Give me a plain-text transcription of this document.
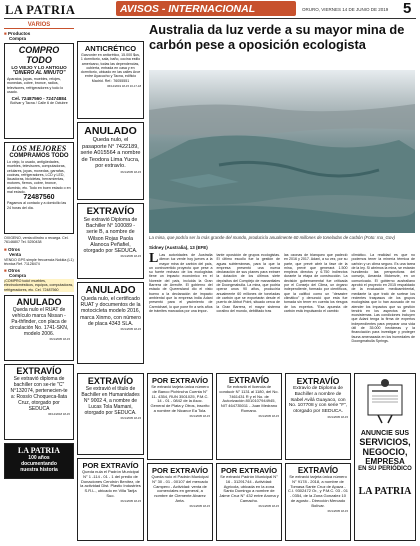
LA PATRIA	AVISOS - INTERNACIONAL	ORURO, VIERNES 14 DE JUNIO DE 2019 5
VARIOS
■ Productos
Compra
COMPRO TODO
LO VIEJO Y LO ANTIGUO
"DINERO AL MINUTO"
Aparatos, joyas, muebles, relojes, monedas, cobre, bronce, radios, televisores, refrigeradores y todo lo usado.
Cel. 72487560 - 72474884
Bolívar y Tacna / Calle 6 de Octubre
LOS MEJORES
COMPRAMOS TODO
Lo viejo, lo usado, antigüedades, muebles, televisores, computadoras, celulares, joyas, monedas, garrafas, cocinas, refrigeradores, LCD y LED, licuadoras, bicicletas, herramientas, motores, fierros, cobre, bronce, aluminio, etc. Todo en buen estado o en mal estado.
72487560
Pagamos al contado y a domicilio las 24 horas del día.
OXIGENO, venta cilindro o recarga. Cel. 76146807 Tel. 5250438
■ Otros
Venta
VENDO GPS simple frecuencia Nokkia (L1) técnica Ref. 71128474
■ Otros
Compra
¡COMPRO todo! muebles, electrodomésticos, equipos, computadoras, refrigeradores, etc. Cel. 72487560
ANULADO
Queda nulo el RUAT de vehículo marca Nissan - Pa-thfinder, con placa de circulación No. 1741-SKN, modelo 2006.
06/14/605 18-15
EXTRAVÍO
Se extravió diploma de bachiller con se-rie "C" N°132074, pertenecien-te a: Rossío Choqueca-llata Cruz, otorgado por SEDUCA
06/14/2018 18-15
LA PATRIA
100 años
documentando
nuestra historia
ANTICRÉTICO
Garzonier en anticrético, 15.000 $us, 1 dormitorio, sala, baño, cocina estilo americano, todas las dependencias, cubierta, entrada en casa y en dormitorio, ubicado en las calles Arce entre Ayacucho y Tacna, edificio Madrid. Ref.: 76055551
06/14/2019 18-15 16-17-18
ANULADO
Queda nulo, el pasaporte N° 7422189, serie A015564 a nombre de Teodora Lima Yucra, por extravío.
06/14/605 18-15
EXTRAVÍO
Se extravió Diploma de Bachiller N° 100089 - serie B, a nombre de Wilson Rojas Paola Alanoca Peñafiel, otorgado por SEDUCA.
06/14/605 18-15
ANULADO
Queda nulo, el certificado RUAT y documentos de la motocicleta modelo 2016, marca Xinmo, con número de placa 4343 SLA.
06/14/605 18-15
Australia da luz verde a su mayor mina de carbón pese a oposición ecologista
La mina, que podría ser la más grande del mundo, produciría anualmente 60 millones de toneladas de carbón (Foto: rna_Gov)
Sidney (Australia), 13 (EFE)
L Las autoridades de Australia dieron luz verde hoy jueves a la mayor mina de carbón del país, un controvertido proyecto que pese a su fuerte rechazo de los ecologistas tiene un impacto económico en el Noreste del país, incluida la Gran Barrera de Arrecife. El gobierno del estado de Queensland dio el visto bueno a la declaración de impacto ambiental que la empresa india Adani presentó para el yacimiento de Carmichael, lo que pone fin a seis años de trámites marcados por una impor-
tante oposición de grupos ecologistas. El último escollo fue la gestión de aguas subterráneas, para la que la empresa presentó una nueva declaración de sus planes para extraer la dotación de los últimos siete depósitos del Complejo de manantiales de Doongmabulla. La mina, que podría operar unos 90 años, produciría anualmente 60 millones de toneladas de carbón que se exportarán desde el puerto de Abbot Point, situado cerca de la Gran Barrera, el mayor sistema coralino del mundo, debilitado tras
las ozonas de blanqueo que padeció en 2016 y 2017. Adani, a su vez, por su parte, que prevé abrir la fase de la mina, prevé que generará 1.500 empleos directos y 6.750 indirectos durante la etapa de construcción. La decisión gubernamental fue criticada por el Consejo del Clima, un órgano independiente, formado por científicos, que la calificó como un "desastre climático" y denunció que esta fue tomada sin tener en cuenta los riesgos de los expertos. "Esa apuesta de carbón está impulsando el cambio
climático. La realidad es que no podemos tener la minería térmica de carbón y un clima seguro. Es una tarea de la ley. Si abrimos la mina, se estarán hundiendo las perspectivas del consejo, Amanda Mckenzie, en un comunicado. El gobierno australiano aprobó el proyecto en 2015 respaldado de la evaluación medioambiental, mediante la que trató de sortear los recientes traspasos de los grupos ecologistas que lo han acusado de no atender los impactos que su gestión tendrá en los aspectos de los ecosistemas. Las condiciones incluyen que Adani tenga la firma de expertos independientes para preparar una vida útil de 35.000 hectáreas y la financiación para investigar y proteger fauna amenazada en los humedales de Doongmabulla Springs.
EXTRAVÍO
Se extravió el título de Bachiller en Humanidades N° 9002 4, a nombre de Lucas Tola Mamani, otorgado por SEDUCA.
06/14/605 18-15
POR EXTRAVÍO
Se extravió tarjeta única número de Banco Pichincha Cuenta N° 11- 4354, RUN 3501025, P.M.C. 14 - 01 - 0842 de la Asoc. General de Plata y Otros, inscrito a nombre de Nicanor Ea Tola.
06/14/605 18-15
EXTRAVÍO
Se extravió el licencia de conducir N° 1131 al 1180, del No. 7461431 R y el No. de Autorización 8010107944945, NIT 464735011 - Juan Medrano Romano.
06/14/605 18-15
EXTRAVÍO
Extravío de Diploma de Bachiller a nombre de Isabel Avilá Guayaco, con No. 107708 y con serie "F", otorgado por SEDUCA.
06/14/605 18-15
POR EXTRAVÍO
Queda nula el Padrón Municipal N° 1 -114 - 01 - 1 del predio de Donaciones Cendrón Benítez, de la actividad Dist. Plastic Industries S.R.L., ubicado en Villa Tarija Suo.
06/14/605 18-15
POR EXTRAVÍO
Queda nulo el Padrón Municipal N° 30 - 01 - 00107 del mercado Campero - Actividad: venta de comerciales en general, a nombre de Clemente Alvarez Anta.
06/14/605 18-15
POR EXTRAVÍO
Se extravió Padrón Municipal N° 16 - 31291744 - Actividad: Agrícola, ubicada en la zona Santo Domingo a nombre de Jaime Cruz N° 432 entre Aroma y Camacho.
06/14/605 18-15
EXTRAVÍO
Se extravió tarjeta única número N° 9178 - 2018, a nombre de Tomasa Sante Cruz de Apaza - C.I. 9302472 Or., y P.M.C. 03 - 01 - 0354, de la Zona Gonzalez 10 de agosto - Dirección Mercado Bolívar.
06/14/605 18-15
ANUNCIE SUS
SERVICIOS,
NEGOCIO,
EMPRESA
EN SU PERIÓDICO
LA PATRIA
